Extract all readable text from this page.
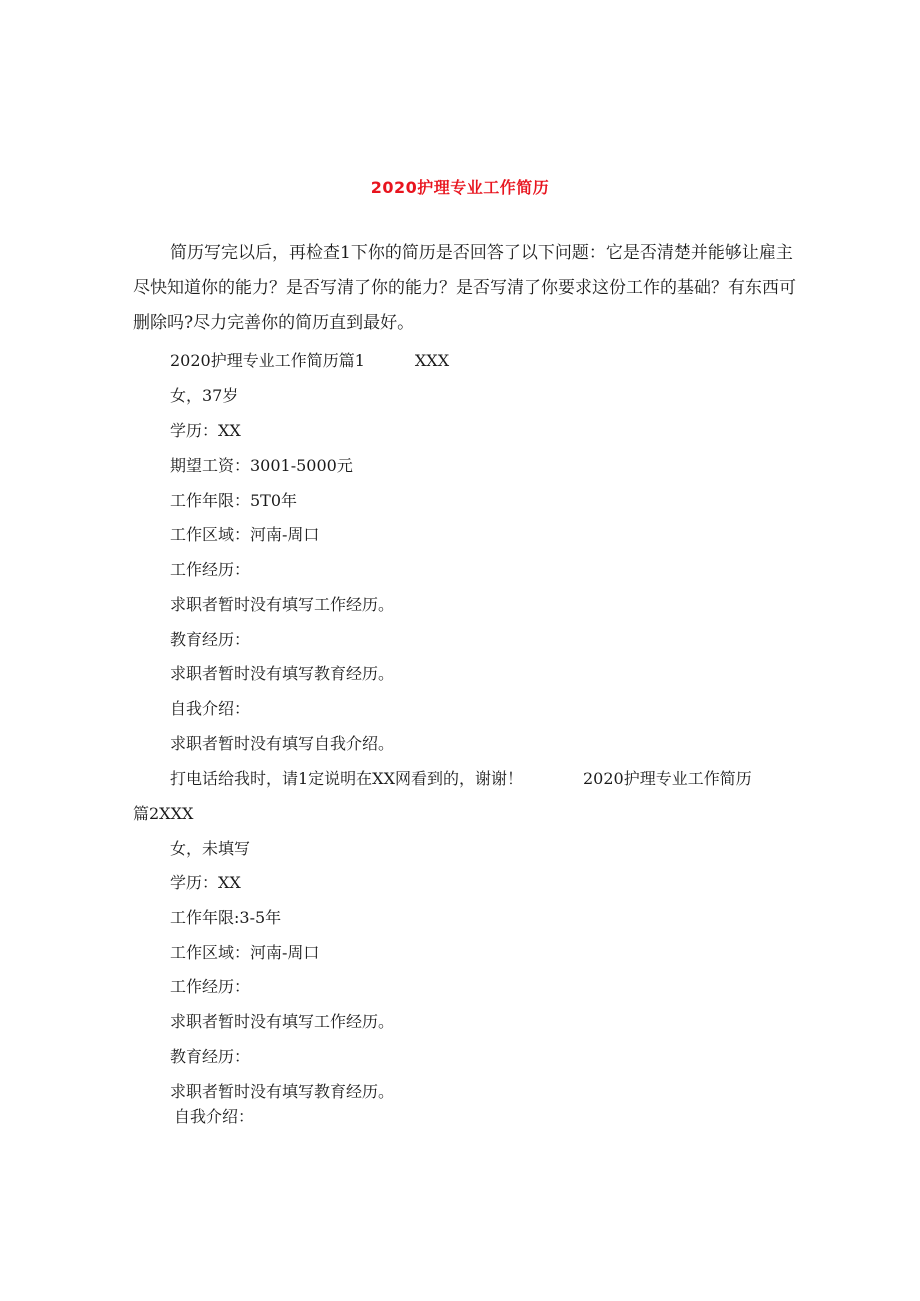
2020护理专业工作简历

简历写完以后，再检查1下你的简历是否回答了以下问题：它是否清楚并能够让雇主尽快知道你的能力？是否写清了你的能力？是否写清了你要求这份工作的基础？有东西可删除吗?尽力完善你的简历直到最好。

2020护理专业工作简历篇1	XXX

女，37岁

学历：XX

期望工资：3001-5000元

工作年限：5T0年

工作区域：河南-周口

工作经历：

求职者暂时没有填写工作经历。

教育经历：

求职者暂时没有填写教育经历。

自我介绍：

求职者暂时没有填写自我介绍。

打电话给我时，请1定说明在XX网看到的，谢谢！	2020护理专业工作简历

篇2XXX

女，未填写

学历：XX

工作年限:3-5年

工作区域：河南-周口

工作经历：

求职者暂时没有填写工作经历。

教育经历：

求职者暂时没有填写教育经历。

自我介绍：
